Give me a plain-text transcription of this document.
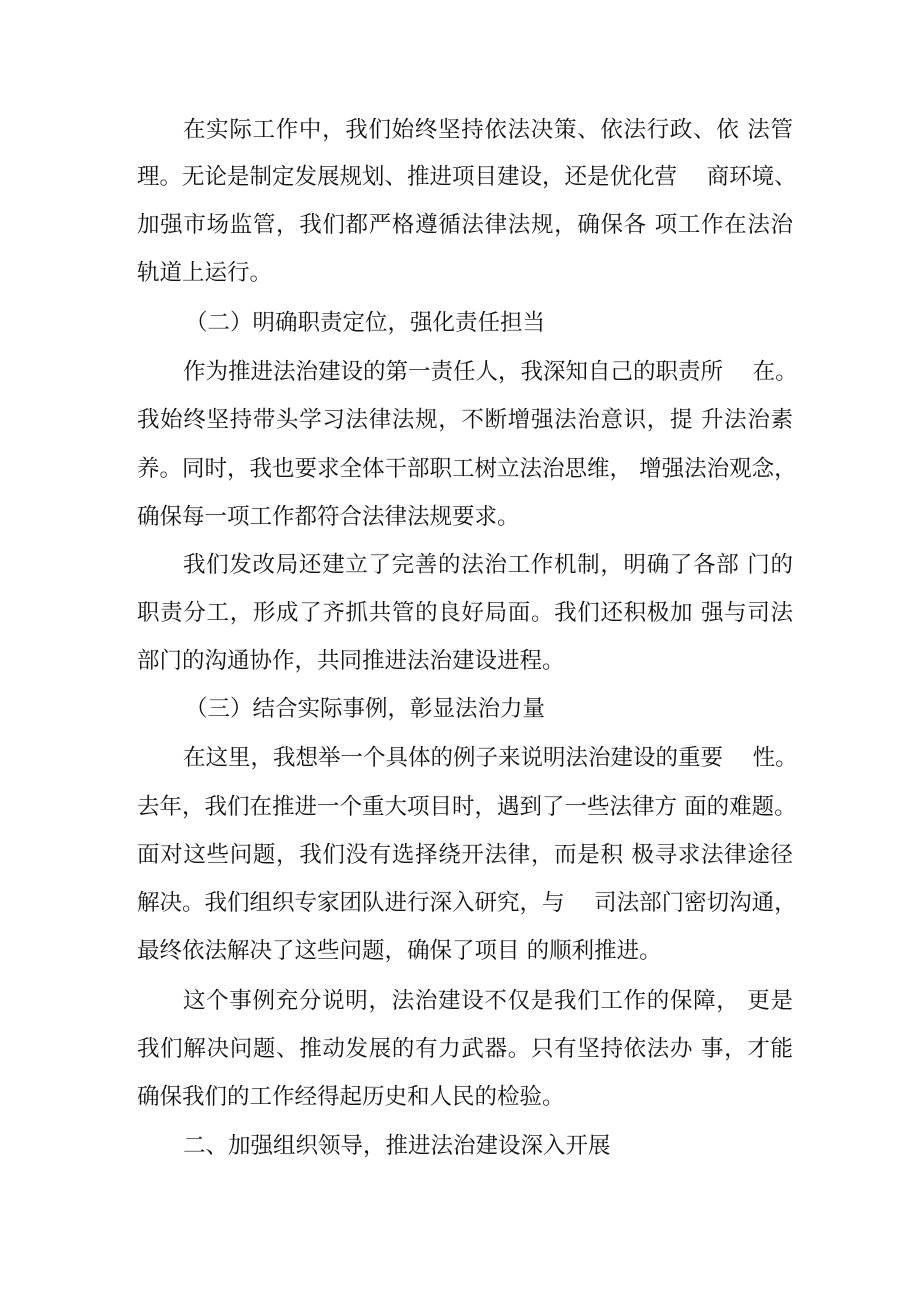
在实际工作中，我们始终坚持依法决策、依法行政、依 法管
理。无论是制定发展规划、推进项目建设，还是优化营　 商环境、
加强市场监管，我们都严格遵循法律法规，确保各 项工作在法治
轨道上运行。
（二）明确职责定位，强化责任担当
作为推进法治建设的第一责任人，我深知自己的职责所　 在。
我始终坚持带头学习法律法规，不断增强法治意识，提 升法治素
养。同时，我也要求全体干部职工树立法治思维， 增强法治观念，
确保每一项工作都符合法律法规要求。
我们发改局还建立了完善的法治工作机制，明确了各部 门的
职责分工，形成了齐抓共管的良好局面。我们还积极加 强与司法
部门的沟通协作，共同推进法治建设进程。
（三）结合实际事例，彰显法治力量
在这里，我想举一个具体的例子来说明法治建设的重要　 性。
去年，我们在推进一个重大项目时，遇到了一些法律方 面的难题。
面对这些问题，我们没有选择绕开法律，而是积 极寻求法律途径
解决。我们组织专家团队进行深入研究，与　 司法部门密切沟通，
最终依法解决了这些问题，确保了项目 的顺利推进。
这个事例充分说明，法治建设不仅是我们工作的保障， 更是
我们解决问题、推动发展的有力武器。只有坚持依法办 事，才能
确保我们的工作经得起历史和人民的检验。
二、加强组织领导，推进法治建设深入开展
